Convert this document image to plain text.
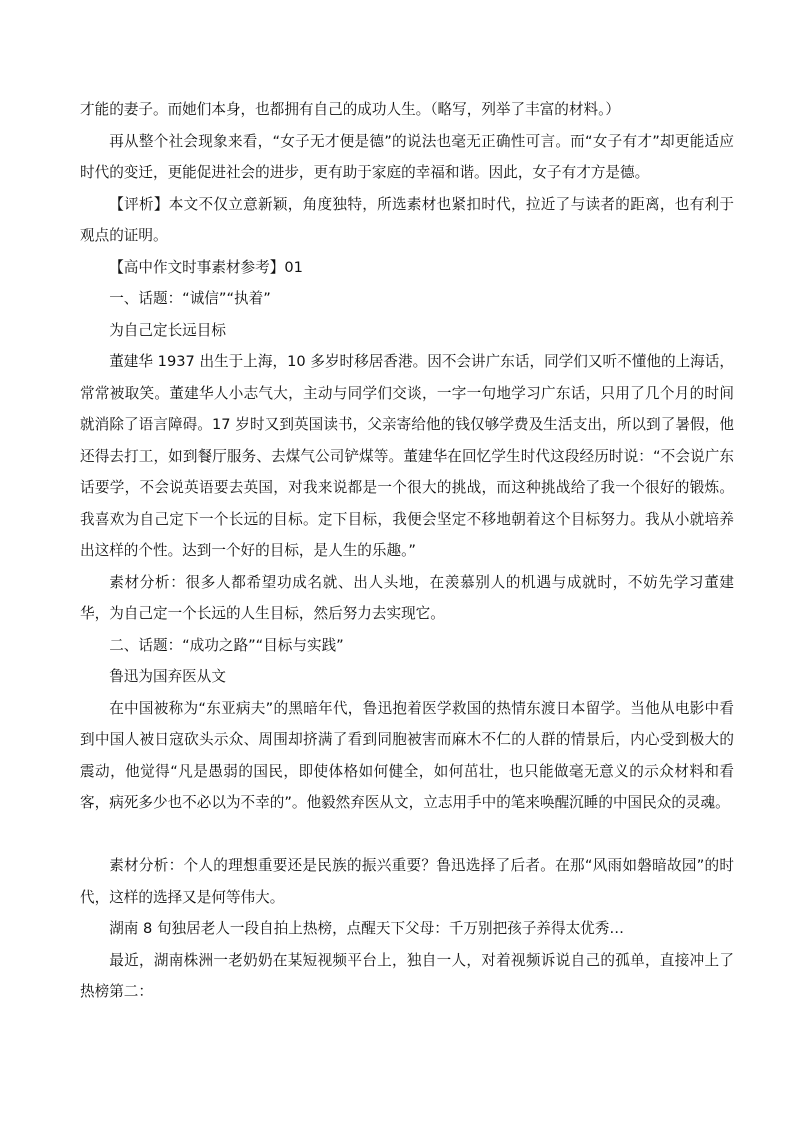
才能的妻子。而她们本身，也都拥有自己的成功人生。（略写，列举了丰富的材料。）

再从整个社会现象来看，“女子无才便是德”的说法也毫无正确性可言。而“女子有才”却更能适应时代的变迁，更能促进社会的进步，更有助于家庭的幸福和谐。因此，女子有才方是德。

【评析】本文不仅立意新颖，角度独特，所选素材也紧扣时代，拉近了与读者的距离，也有利于观点的证明。

【高中作文时事素材参考】01

一、话题：“诚信”“执着”

为自己定长远目标

董建华 1937 出生于上海，10 多岁时移居香港。因不会讲广东话，同学们又听不懂他的上海话，常常被取笑。董建华人小志气大，主动与同学们交谈，一字一句地学习广东话，只用了几个月的时间就消除了语言障碍。17 岁时又到英国读书，父亲寄给他的钱仅够学费及生活支出，所以到了暑假，他还得去打工，如到餐厅服务、去煤气公司铲煤等。董建华在回忆学生时代这段经历时说：“不会说广东话要学，不会说英语要去英国，对我来说都是一个很大的挑战，而这种挑战给了我一个很好的锻炼。我喜欢为自己定下一个长远的目标。定下目标，我便会坚定不移地朝着这个目标努力。我从小就培养出这样的个性。达到一个好的目标，是人生的乐趣。”

素材分析：很多人都希望功成名就、出人头地，在羡慕别人的机遇与成就时，不妨先学习董建华，为自己定一个长远的人生目标，然后努力去实现它。

二、话题：“成功之路”“目标与实践”

鲁迅为国弃医从文

在中国被称为“东亚病夫”的黑暗年代，鲁迅抱着医学救国的热情东渡日本留学。当他从电影中看到中国人被日寇砍头示众、周围却挤满了看到同胞被害而麻木不仁的人群的情景后，内心受到极大的震动，他觉得“凡是愚弱的国民，即使体格如何健全，如何茁壮，也只能做毫无意义的示众材料和看客，病死多少也不必以为不幸的”。他毅然弃医从文，立志用手中的笔来唤醒沉睡的中国民众的灵魂。

素材分析：个人的理想重要还是民族的振兴重要？鲁迅选择了后者。在那“风雨如磐暗故园”的时代，这样的选择又是何等伟大。

湖南 8 旬独居老人一段自拍上热榜，点醒天下父母：千万别把孩子养得太优秀…

最近，湖南株洲一老奶奶在某短视频平台上，独自一人，对着视频诉说自己的孤单，直接冲上了热榜第二：
